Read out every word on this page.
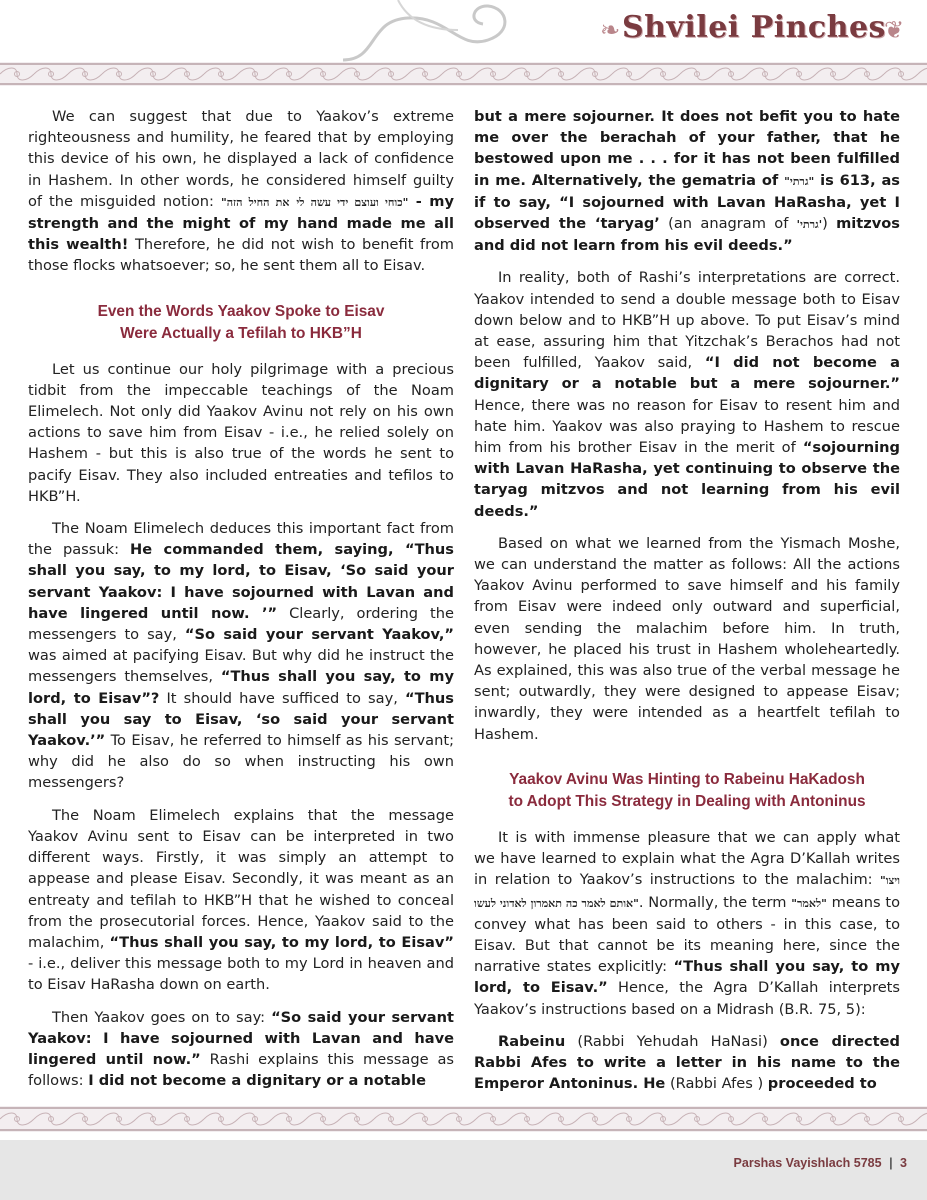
❧ Shvilei Pinches
❦

We can suggest that due to Yaakov’s extreme righteousness and humility, he feared that by employing this device of his own, he displayed a lack of confidence in Hashem. In other words, he considered himself guilty of the misguided notion: "כוחי ועוצם ידי עשה לי את החיל הזה" - my strength and the might of my hand made me all this wealth! Therefore, he did not wish to benefit from those flocks whatsoever; so, he sent them all to Eisav.

Even the Words Yaakov Spoke to Eisav
Were Actually a Tefilah to HKB”H

Let us continue our holy pilgrimage with a precious tidbit from the impeccable teachings of the Noam Elimelech. Not only did Yaakov Avinu not rely on his own actions to save him from Eisav - i.e., he relied solely on Hashem - but this is also true of the words he sent to pacify Eisav. They also included entreaties and tefilos to HKB”H.

The Noam Elimelech deduces this important fact from the passuk: He commanded them, saying, “Thus shall you say, to my lord, to Eisav, ‘So said your servant Yaakov: I have sojourned with Lavan and have lingered until now. ’” Clearly, ordering the messengers to say, “So said your servant Yaakov,” was aimed at pacifying Eisav. But why did he instruct the messengers themselves, “Thus shall you say, to my lord, to Eisav”? It should have sufficed to say, “Thus shall you say to Eisav, ‘so said your servant Yaakov.’” To Eisav, he referred to himself as his servant; why did he also do so when instructing his own messengers?

The Noam Elimelech explains that the message Yaakov Avinu sent to Eisav can be interpreted in two different ways. Firstly, it was simply an attempt to appease and please Eisav. Secondly, it was meant as an entreaty and tefilah to HKB”H that he wished to conceal from the prosecutorial forces. Hence, Yaakov said to the malachim, “Thus shall you say, to my lord, to Eisav” - i.e., deliver this message both to my Lord in heaven and to Eisav HaRasha down on earth.

Then Yaakov goes on to say: “So said your servant Yaakov: I have sojourned with Lavan and have lingered until now.” Rashi explains this message as follows: I did not become a dignitary or a notable

but a mere sojourner. It does not befit you to hate me over the berachah of your father, that he bestowed upon me . . . for it has not been fulfilled in me. Alternatively, the gematria of "גרתי" is 613, as if to say, “I sojourned with Lavan HaRasha, yet I observed the ‘taryag’ (an anagram of 'גרתי') mitzvos and did not learn from his evil deeds.”

In reality, both of Rashi’s interpretations are correct. Yaakov intended to send a double message both to Eisav down below and to HKB”H up above. To put Eisav’s mind at ease, assuring him that Yitzchak’s Berachos had not been fulfilled, Yaakov said, “I did not become a dignitary or a notable but a mere sojourner.” Hence, there was no reason for Eisav to resent him and hate him. Yaakov was also praying to Hashem to rescue him from his brother Eisav in the merit of “sojourning with Lavan HaRasha, yet continuing to observe the taryag mitzvos and not learning from his evil deeds.”

Based on what we learned from the Yismach Moshe, we can understand the matter as follows: All the actions Yaakov Avinu performed to save himself and his family from Eisav were indeed only outward and superficial, even sending the malachim before him. In truth, however, he placed his trust in Hashem wholeheartedly. As explained, this was also true of the verbal message he sent; outwardly, they were designed to appease Eisav; inwardly, they were intended as a heartfelt tefilah to Hashem.

Yaakov Avinu Was Hinting to Rabeinu HaKadosh
to Adopt This Strategy in Dealing with Antoninus

It is with immense pleasure that we can apply what we have learned to explain what the Agra D’Kallah writes in relation to Yaakov’s instructions to the malachim: "ויצו אותם לאמר כה תאמרון לאדוני לעשו". Normally, the term "לאמר" means to convey what has been said to others - in this case, to Eisav. But that cannot be its meaning here, since the narrative states explicitly: “Thus shall you say, to my lord, to Eisav.” Hence, the Agra D’Kallah interprets Yaakov’s instructions based on a Midrash (B.R. 75, 5):

Rabeinu (Rabbi Yehudah HaNasi) once directed Rabbi Afes to write a letter in his name to the Emperor Antoninus. He (Rabbi Afes ) proceeded to

Parshas Vayishlach 5785 | 3
